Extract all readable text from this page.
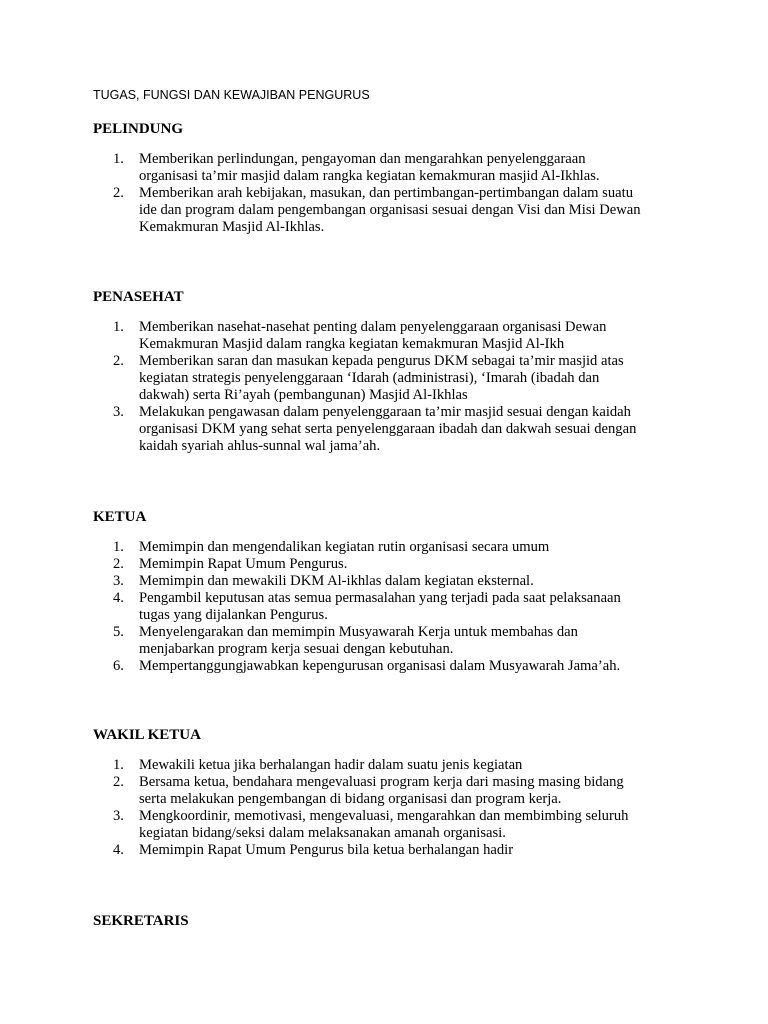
TUGAS, FUNGSI DAN KEWAJIBAN PENGURUS
PELINDUNG
1. Memberikan perlindungan, pengayoman dan mengarahkan penyelenggaraan
organisasi ta’mir masjid dalam rangka kegiatan kemakmuran masjid Al-Ikhlas.
2. Memberikan arah kebijakan, masukan, dan pertimbangan-pertimbangan dalam suatu
ide dan program dalam pengembangan organisasi sesuai dengan Visi dan Misi Dewan
Kemakmuran Masjid Al-Ikhlas.
PENASEHAT
1. Memberikan nasehat-nasehat penting dalam penyelenggaraan organisasi Dewan
Kemakmuran Masjid dalam rangka kegiatan kemakmuran Masjid Al-Ikh
2. Memberikan saran dan masukan kepada pengurus DKM sebagai ta’mir masjid atas
kegiatan strategis penyelenggaraan ‘Idarah (administrasi), ‘Imarah (ibadah dan
dakwah) serta Ri’ayah (pembangunan) Masjid Al-Ikhlas
3. Melakukan pengawasan dalam penyelenggaraan ta’mir masjid sesuai dengan kaidah
organisasi DKM yang sehat serta penyelenggaraan ibadah dan dakwah sesuai dengan
kaidah syariah ahlus-sunnal wal jama’ah.
KETUA
1. Memimpin dan mengendalikan kegiatan rutin organisasi secara umum
2. Memimpin Rapat Umum Pengurus.
3. Memimpin dan mewakili DKM Al-ikhlas dalam kegiatan eksternal.
4. Pengambil keputusan atas semua permasalahan yang terjadi pada saat pelaksanaan
tugas yang dijalankan Pengurus.
5. Menyelengarakan dan memimpin Musyawarah Kerja untuk membahas dan
menjabarkan program kerja sesuai dengan kebutuhan.
6. Mempertanggungjawabkan kepengurusan organisasi dalam Musyawarah Jama’ah.
WAKIL KETUA
1. Mewakili ketua jika berhalangan hadir dalam suatu jenis kegiatan
2. Bersama ketua, bendahara mengevaluasi program kerja dari masing masing bidang
serta melakukan pengembangan di bidang organisasi dan program kerja.
3. Mengkoordinir, memotivasi, mengevaluasi, mengarahkan dan membimbing seluruh
kegiatan bidang/seksi dalam melaksanakan amanah organisasi.
4. Memimpin Rapat Umum Pengurus bila ketua berhalangan hadir
SEKRETARIS
